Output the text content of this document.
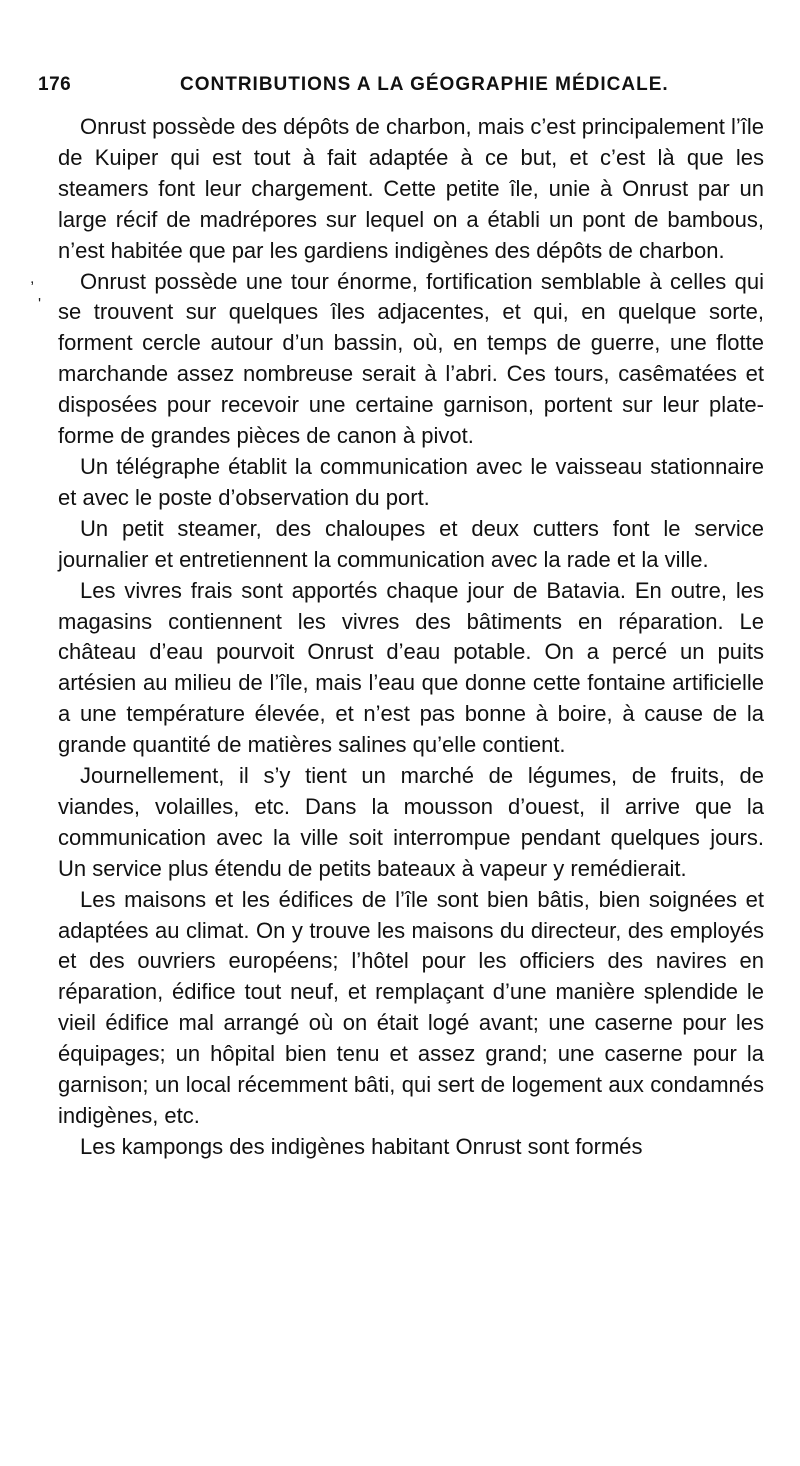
176	CONTRIBUTIONS A LA GÉOGRAPHIE MÉDICALE.
,
'

Onrust possède des dépôts de charbon, mais c’est principalement l’île de Kuiper qui est tout à fait adaptée à ce but, et c’est là que les steamers font leur chargement. Cette petite île, unie à Onrust par un large récif de madrépores sur lequel on a établi un pont de bambous, n’est habitée que par les gardiens indigènes des dépôts de charbon.

Onrust possède une tour énorme, fortification semblable à celles qui se trouvent sur quelques îles adjacentes, et qui, en quelque sorte, forment cercle autour d’un bassin, où, en temps de guerre, une flotte marchande assez nombreuse serait à l’abri. Ces tours, casêmatées et disposées pour recevoir une certaine garnison, portent sur leur plate-forme de grandes pièces de canon à pivot.

Un télégraphe établit la communication avec le vaisseau stationnaire et avec le poste d’observation du port.

Un petit steamer, des chaloupes et deux cutters font le service journalier et entretiennent la communication avec la rade et la ville.

Les vivres frais sont apportés chaque jour de Batavia. En outre, les magasins contiennent les vivres des bâtiments en réparation. Le château d’eau pourvoit Onrust d’eau potable. On a percé un puits artésien au milieu de l’île, mais l’eau que donne cette fontaine artificielle a une température élevée, et n’est pas bonne à boire, à cause de la grande quantité de matières salines qu’elle contient.

Journellement, il s’y tient un marché de légumes, de fruits, de viandes, volailles, etc. Dans la mousson d’ouest, il arrive que la communication avec la ville soit interrompue pendant quelques jours. Un service plus étendu de petits bateaux à vapeur y remédierait.

Les maisons et les édifices de l’île sont bien bâtis, bien soignées et adaptées au climat. On y trouve les maisons du directeur, des employés et des ouvriers européens; l’hôtel pour les officiers des navires en réparation, édifice tout neuf, et remplaçant d’une manière splendide le vieil édifice mal arrangé où on était logé avant; une caserne pour les équipages; un hôpital bien tenu et assez grand; une caserne pour la garnison; un local récemment bâti, qui sert de logement aux condamnés indigènes, etc.

Les kampongs des indigènes habitant Onrust sont formés
